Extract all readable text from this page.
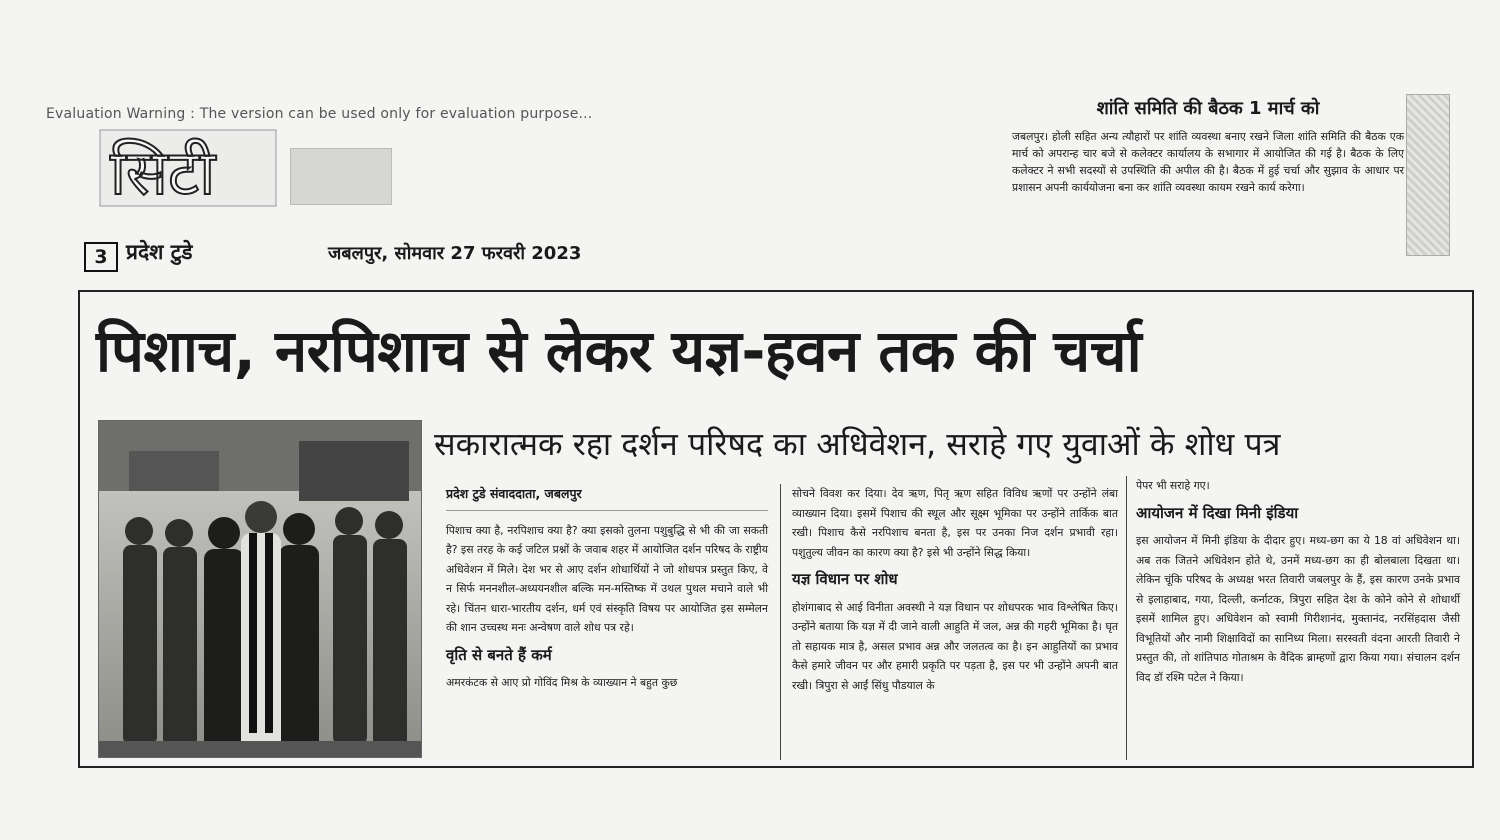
Evaluation Warning : The version can be used only for evaluation purpose...
सिटी
3 प्रदेश टुडे	जबलपुर, सोमवार 27 फरवरी 2023
शांति समिति की बैठक 1 मार्च को
जबलपुर। होली सहित अन्य त्यौहारों पर शांति व्यवस्था बनाए रखने जिला शांति समिति की बैठक एक मार्च को अपरान्ह चार बजे से कलेक्टर कार्यालय के सभागार में आयोजित की गई है। बैठक के लिए कलेक्टर ने सभी सदस्यों से उपस्थिति की अपील की है। बैठक में हुई चर्चा और सुझाव के आधार पर प्रशासन अपनी कार्ययोजना बना कर शांति व्यवस्था कायम रखने कार्य करेगा।
पिशाच, नरपिशाच से लेकर यज्ञ-हवन तक की चर्चा
सकारात्मक रहा दर्शन परिषद का अधिवेशन, सराहे गए युवाओं के शोध पत्र
प्रदेश टुडे संवाददाता, जबलपुर

पिशाच क्या है, नरपिशाच क्या है? क्या इसको तुलना पशुबुद्धि से भी की जा सकती है? इस तरह के कई जटिल प्रश्नों के जवाब शहर में आयोजित दर्शन परिषद के राष्ट्रीय अधिवेशन में मिले। देश भर से आए दर्शन शोधार्थियों ने जो शोधपत्र प्रस्तुत किए, वे न सिर्फ मननशील-अध्ययनशील बल्कि मन-मस्तिष्क में उथल पुथल मचाने वाले भी रहे। चिंतन धारा-भारतीय दर्शन, धर्म एवं संस्कृति विषय पर आयोजित इस सम्मेलन की शान उच्चस्थ मनः अन्वेषण वाले शोध पत्र रहे।

वृति से बनते हैं कर्म

अमरकंटक से आए प्रो गोविंद मिश्र के व्याख्यान ने बहुत कुछ

सोचने विवश कर दिया। देव ऋण, पितृ ऋण सहित विविध ऋणों पर उन्होंने लंबा व्याख्यान दिया। इसमें पिशाच की स्थूल और सूक्ष्म भूमिका पर उन्होंने तार्किक बात रखी। पिशाच कैसे नरपिशाच बनता है, इस पर उनका निज दर्शन प्रभावी रहा। पशुतुल्य जीवन का कारण क्या है? इसे भी उन्होंने सिद्ध किया।

यज्ञ विधान पर शोध

होशंगाबाद से आई विनीता अवस्थी ने यज्ञ विधान पर शोधपरक भाव विश्लेषित किए। उन्होंने बताया कि यज्ञ में दी जाने वाली आहुति में जल, अन्न की गहरी भूमिका है। घृत तो सहायक मात्र है, असल प्रभाव अन्न और जलतत्व का है। इन आहुतियों का प्रभाव कैसे हमारे जीवन पर और हमारी प्रकृति पर पड़ता है, इस पर भी उन्होंने अपनी बात रखी। त्रिपुरा से आईं सिंधु पौडयाल के

पेपर भी सराहे गए।

आयोजन में दिखा मिनी इंडिया

इस आयोजन में मिनी इंडिया के दीदार हुए। मध्य-छग का ये 18 वां अधिवेशन था। अब तक जितने अधिवेशन होते थे, उनमें मध्य-छग का ही बोलबाला दिखता था। लेकिन चूंकि परिषद के अध्यक्ष भरत तिवारी जबलपुर के हैं, इस कारण उनके प्रभाव से इलाहाबाद, गया, दिल्ली, कर्नाटक, त्रिपुरा सहित देश के कोने कोने से शोधार्थी इसमें शामिल हुए। अधिवेशन को स्वामी गिरीशानंद, मुक्तानंद, नरसिंहदास जैसी विभूतियों और नामी शिक्षाविदों का सानिध्य मिला। सरस्वती वंदना आरती तिवारी ने प्रस्तुत की, तो शांतिपाठ गोताश्रम के वैदिक ब्राम्हणों द्वारा किया गया। संचालन दर्शन विद डॉ रश्मि पटेल ने किया।
